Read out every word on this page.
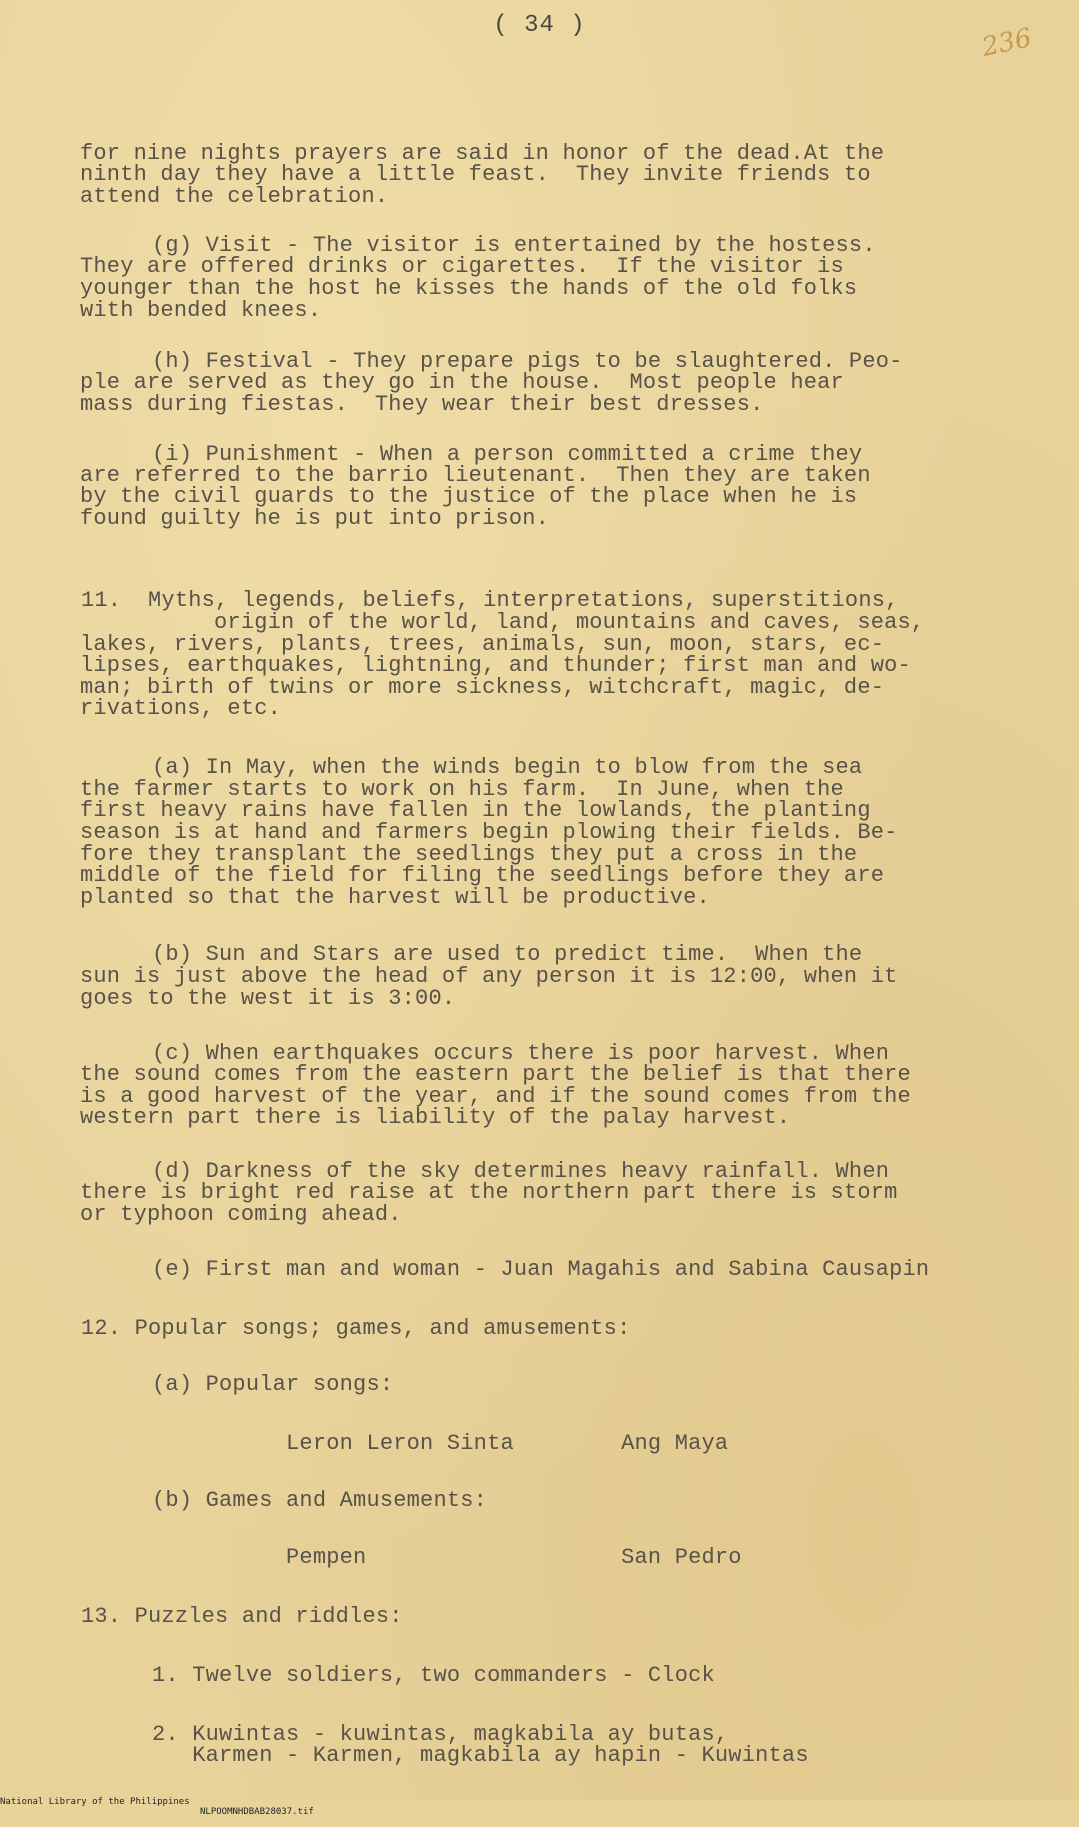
( 34 )	236
for nine nights prayers are said in honor of the dead.At the
ninth day they have a little feast.  They invite friends to
attend the celebration.
(g) Visit - The visitor is entertained by the hostess.
They are offered drinks or cigarettes.  If the visitor is
younger than the host he kisses the hands of the old folks
with bended knees.
(h) Festival - They prepare pigs to be slaughtered. Peo-
ple are served as they go in the house.  Most people hear
mass during fiestas.  They wear their best dresses.
(i) Punishment - When a person committed a crime they
are referred to the barrio lieutenant.  Then they are taken
by the civil guards to the justice of the place when he is
found guilty he is put into prison.
11.  Myths, legends, beliefs, interpretations, superstitions,
origin of the world, land, mountains and caves, seas,
lakes, rivers, plants, trees, animals, sun, moon, stars, ec-
lipses, earthquakes, lightning, and thunder; first man and wo-
man; birth of twins or more sickness, witchcraft, magic, de-
rivations, etc.
(a) In May, when the winds begin to blow from the sea
the farmer starts to work on his farm.  In June, when the
first heavy rains have fallen in the lowlands, the planting
season is at hand and farmers begin plowing their fields. Be-
fore they transplant the seedlings they put a cross in the
middle of the field for filing the seedlings before they are
planted so that the harvest will be productive.
(b) Sun and Stars are used to predict time.  When the
sun is just above the head of any person it is 12:00, when it
goes to the west it is 3:00.
(c) When earthquakes occurs there is poor harvest. When
the sound comes from the eastern part the belief is that there
is a good harvest of the year, and if the sound comes from the
western part there is liability of the palay harvest.
(d) Darkness of the sky determines heavy rainfall. When
there is bright red raise at the northern part there is storm
or typhoon coming ahead.
(e) First man and woman - Juan Magahis and Sabina Causapin
12. Popular songs; games, and amusements:
(a) Popular songs:
Leron Leron Sinta        Ang Maya
(b) Games and Amusements:
Pempen                   San Pedro
13. Puzzles and riddles:
1. Twelve soldiers, two commanders - Clock
2. Kuwintas - kuwintas, magkabila ay butas,
Karmen - Karmen, magkabila ay hapin - Kuwintas

National Library of the Philippines

NLPOOMNHDBAB28037.tif
